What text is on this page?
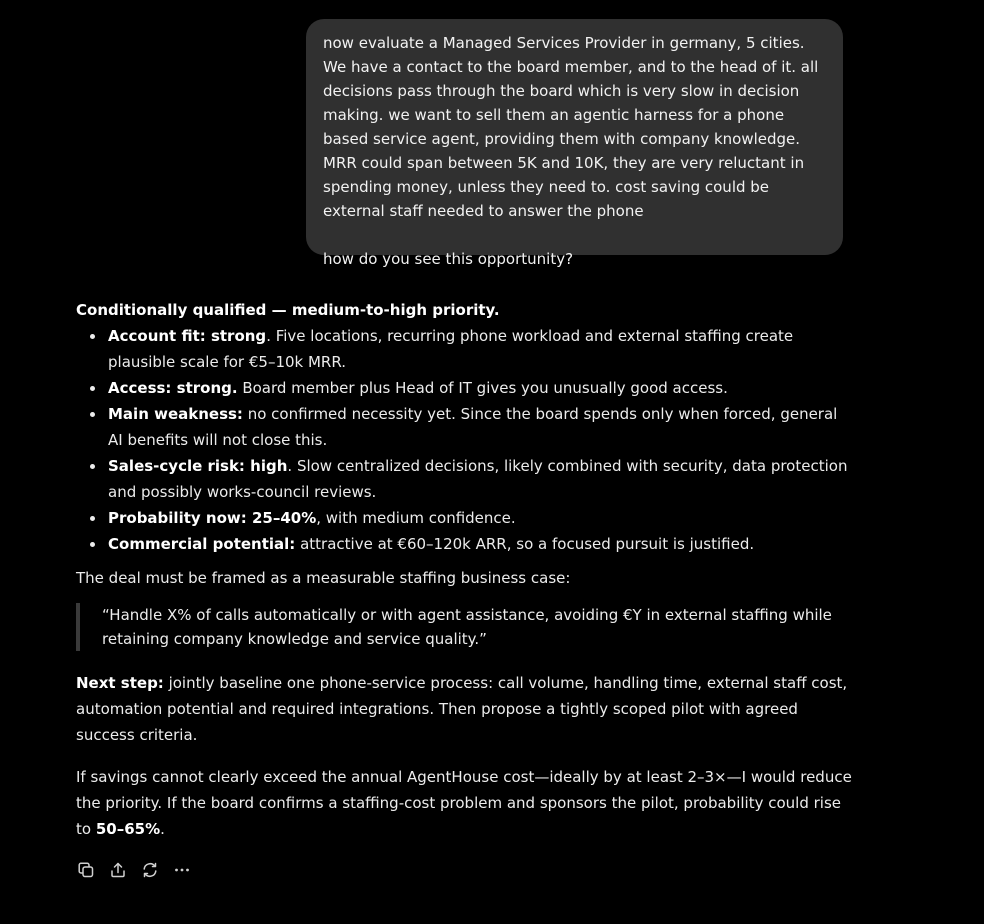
now evaluate a Managed Services Provider in germany, 5 cities. We have a contact to the board member, and to the head of it. all decisions pass through the board which is very slow in decision making. we want to sell them an agentic harness for a phone based service agent, providing them with company knowledge. MRR could span between 5K and 10K, they are very reluctant in spending money, unless they need to. cost saving could be external staff needed to answer the phone

how do you see this opportunity?

Conditionally qualified — medium-to-high priority.

Account fit: strong. Five locations, recurring phone workload and external staffing create plausible scale for €5–10k MRR.
Access: strong. Board member plus Head of IT gives you unusually good access.
Main weakness: no confirmed necessity yet. Since the board spends only when forced, general AI benefits will not close this.
Sales-cycle risk: high. Slow centralized decisions, likely combined with security, data protection and possibly works-council reviews.
Probability now: 25–40%, with medium confidence.
Commercial potential: attractive at €60–120k ARR, so a focused pursuit is justified.

The deal must be framed as a measurable staffing business case:

“Handle X% of calls automatically or with agent assistance, avoiding €Y in external staffing while retaining company knowledge and service quality.”

Next step: jointly baseline one phone-service process: call volume, handling time, external staff cost, automation potential and required integrations. Then propose a tightly scoped pilot with agreed success criteria.

If savings cannot clearly exceed the annual AgentHouse cost—ideally by at least 2–3×—I would reduce the priority. If the board confirms a staffing-cost problem and sponsors the pilot, probability could rise to 50–65%.
